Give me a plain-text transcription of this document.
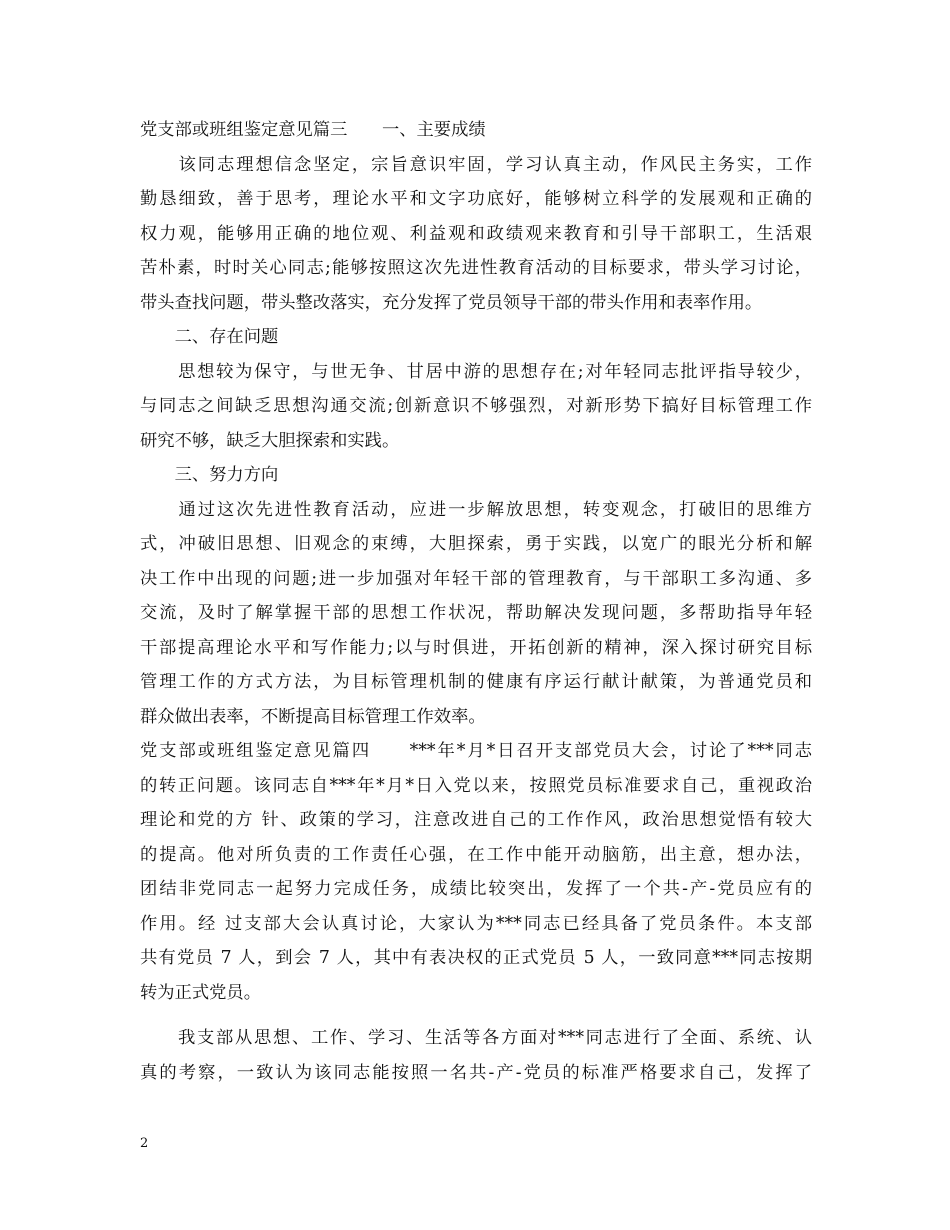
党支部或班组鉴定意见篇三　　一、主要成绩
　　该同志理想信念坚定，宗旨意识牢固，学习认真主动，作风民主务实，工作
勤恳细致，善于思考，理论水平和文字功底好，能够树立科学的发展观和正确的
权力观，能够用正确的地位观、利益观和政绩观来教育和引导干部职工，生活艰
苦朴素，时时关心同志;能够按照这次先进性教育活动的目标要求，带头学习讨论，
带头查找问题，带头整改落实，充分发挥了党员领导干部的带头作用和表率作用。
　　二、存在问题
　　思想较为保守，与世无争、甘居中游的思想存在;对年轻同志批评指导较少，
与同志之间缺乏思想沟通交流;创新意识不够强烈，对新形势下搞好目标管理工作
研究不够，缺乏大胆探索和实践。
　　三、努力方向
　　通过这次先进性教育活动，应进一步解放思想，转变观念，打破旧的思维方
式，冲破旧思想、旧观念的束缚，大胆探索，勇于实践，以宽广的眼光分析和解
决工作中出现的问题;进一步加强对年轻干部的管理教育，与干部职工多沟通、多
交流，及时了解掌握干部的思想工作状况，帮助解决发现问题，多帮助指导年轻
干部提高理论水平和写作能力;以与时俱进，开拓创新的精神，深入探讨研究目标
管理工作的方式方法，为目标管理机制的健康有序运行献计献策，为普通党员和
群众做出表率，不断提高目标管理工作效率。
党支部或班组鉴定意见篇四　　***年*月*日召开支部党员大会，讨论了***同志
的转正问题。该同志自***年*月*日入党以来，按照党员标准要求自己，重视政治
理论和党的方 针、政策的学习，注意改进自己的工作作风，政治思想觉悟有较大
的提高。他对所负责的工作责任心强，在工作中能开动脑筋，出主意，想办法，
团结非党同志一起努力完成任务，成绩比较突出，发挥了一个共-产-党员应有的
作用。经 过支部大会认真讨论，大家认为***同志已经具备了党员条件。本支部
共有党员 7 人，到会 7 人，其中有表决权的正式党员 5 人，一致同意***同志按期
转为正式党员。
　　我支部从思想、工作、学习、生活等各方面对***同志进行了全面、系统、认
真的考察，一致认为该同志能按照一名共-产-党员的标准严格要求自己，发挥了
2
